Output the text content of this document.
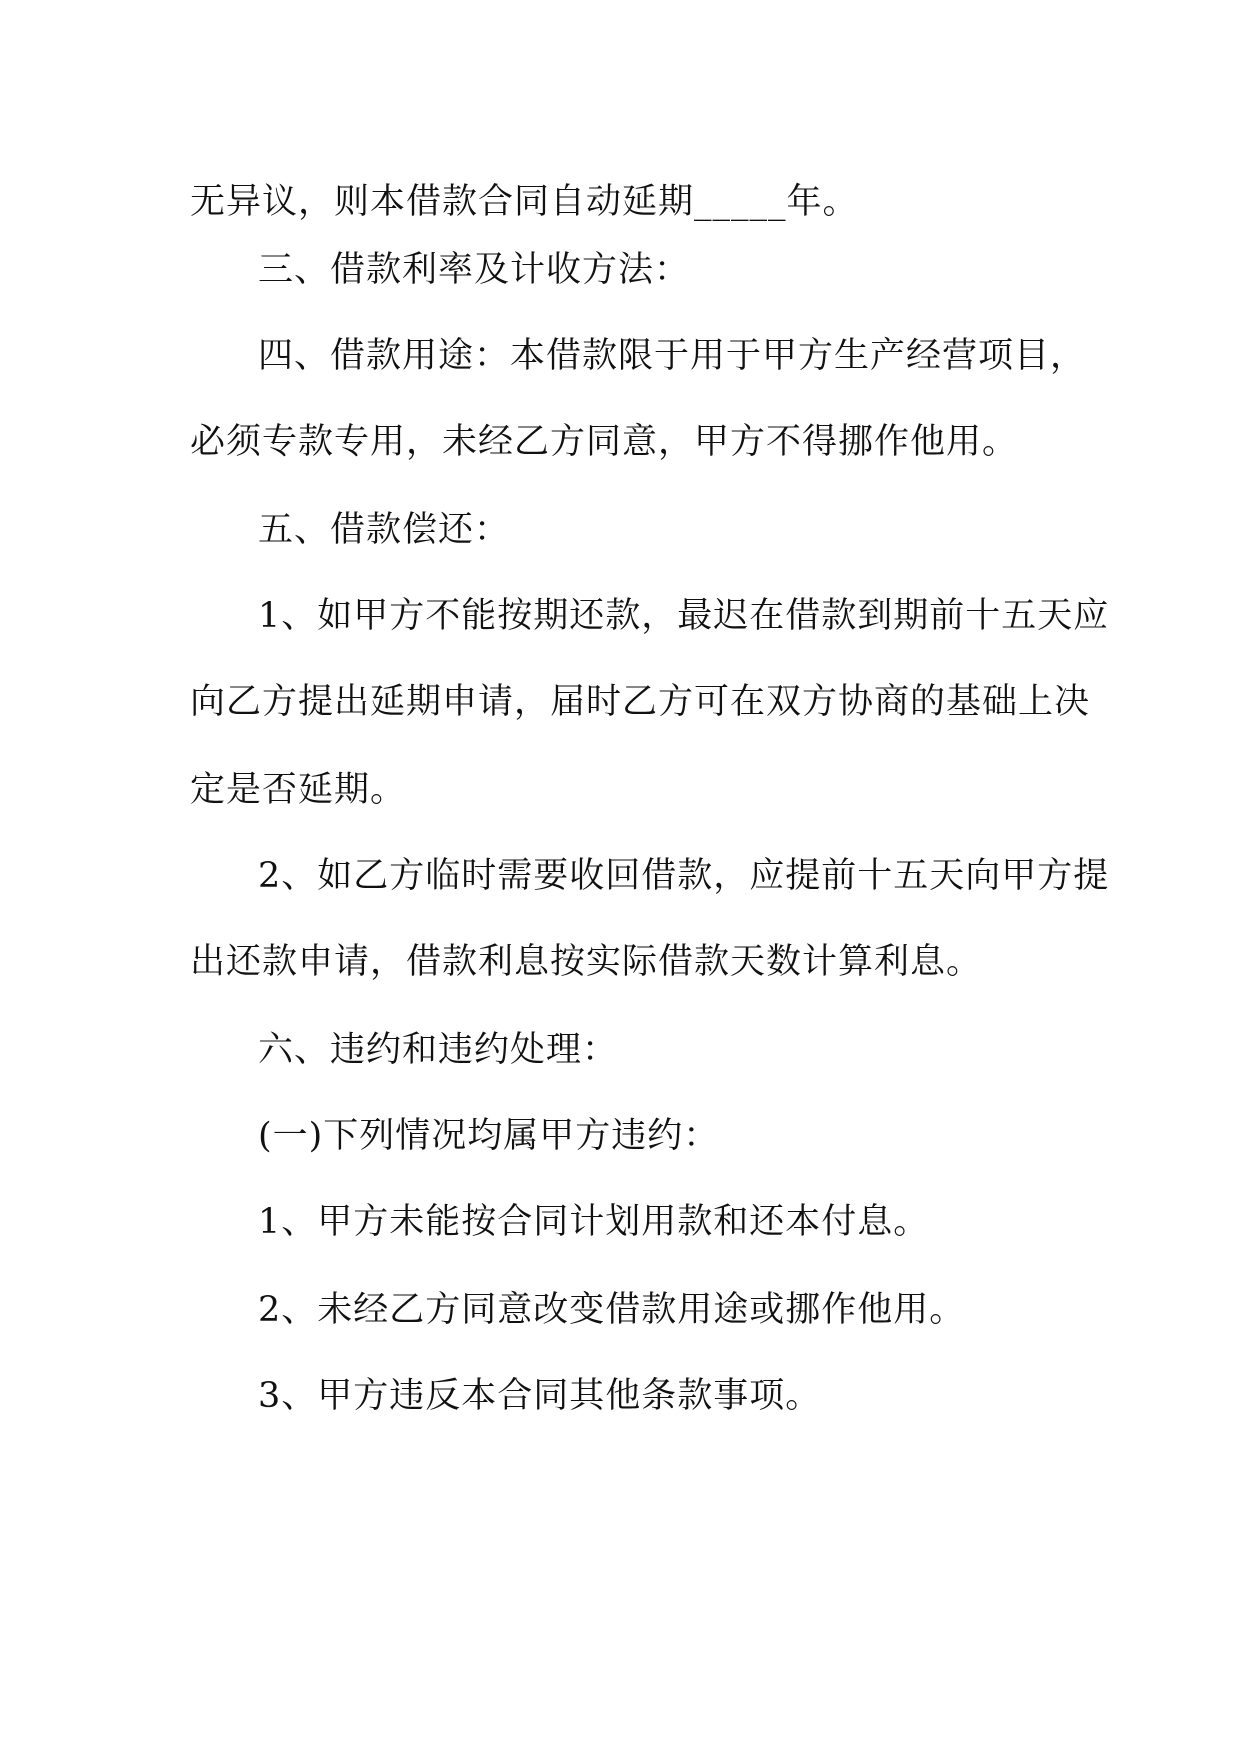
无异议，则本借款合同自动延期_____年。
三、借款利率及计收方法：
四、借款用途：本借款限于用于甲方生产经营项目，
必须专款专用，未经乙方同意，甲方不得挪作他用。
五、借款偿还：
1、如甲方不能按期还款，最迟在借款到期前十五天应
向乙方提出延期申请，届时乙方可在双方协商的基础上决
定是否延期。
2、如乙方临时需要收回借款，应提前十五天向甲方提
出还款申请，借款利息按实际借款天数计算利息。
六、违约和违约处理：
(一)下列情况均属甲方违约：
1、甲方未能按合同计划用款和还本付息。
2、未经乙方同意改变借款用途或挪作他用。
3、甲方违反本合同其他条款事项。
